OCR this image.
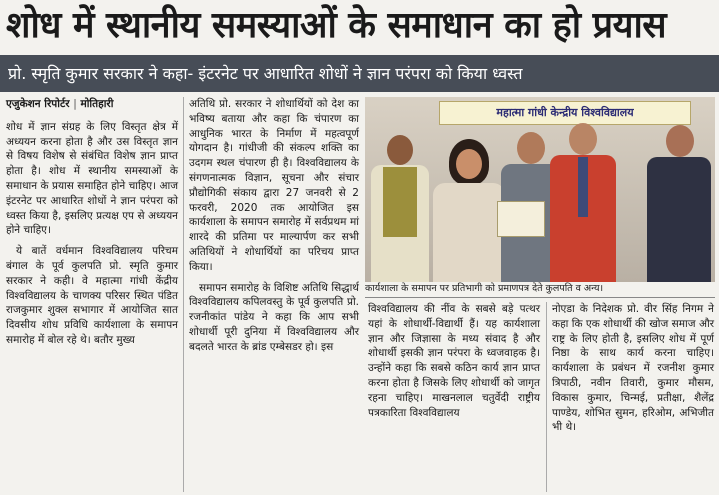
शोध में स्थानीय समस्याओं के समाधान का हो प्रयास
प्रो. स्मृति कुमार सरकार ने कहा- इंटरनेट पर आधारित शोधों ने ज्ञान परंपरा को किया ध्वस्त
एजुकेशन रिपोर्टर | मोतिहारी

शोध में ज्ञान संग्रह के लिए विस्तृत क्षेत्र में अध्ययन करना होता है और उस विस्तृत ज्ञान से विषय विशेष से संबंधित विशेष ज्ञान प्राप्त होता है। शोध में स्थानीय समस्याओं के समाधान के प्रयास समाहित होने चाहिए। आज इंटरनेट पर आधारित शोधों ने ज्ञान परंपरा को ध्वस्त किया है, इसलिए प्रत्यक्ष एप से अध्ययन होने चाहिए।

ये बातें वर्धमान विश्वविद्यालय परिचम बंगाल के पूर्व कुलपति प्रो. स्मृति कुमार सरकार ने कही। वे महात्मा गांधी केंद्रीय विश्वविद्यालय के चाणक्य परिसर स्थित पंडित राजकुमार शुक्ल सभागार में आयोजित सात दिवसीय शोध प्रविधि कार्यशाला के समापन समारोह में बोल रहे थे। बतौर मुख्य

अतिथि प्रो. सरकार ने शोधार्थियों को देश का भविष्य बताया और कहा कि चंपारण का आधुनिक भारत के निर्माण में महत्वपूर्ण योगदान है। गांधीजी की संकल्प शक्ति का उदगम स्थल चंपारण ही है। विश्वविद्यालय के संगणनात्मक विज्ञान, सूचना और संचार प्रौद्योगिकी संकाय द्वारा 27 जनवरी से 2 फरवरी, 2020 तक आयोजित इस कार्यशाला के समापन समारोह में सर्वप्रथम मां शारदे की प्रतिमा पर माल्यार्पण कर सभी अतिथियों ने शोधार्थियों का परिचय प्राप्त किया।

समापन समारोह के विशिष्ट अतिथि सिद्धार्थ विश्वविद्यालय कपिलवस्तु के पूर्व कुलपति प्रो. रजनीकांत पांडेय ने कहा कि आप सभी शोधार्थी पूरी दुनिया में विश्वविद्यालय और बदलते भारत के ब्रांड एम्बेसडर हो। इस

महात्मा गांधी केन्द्रीय विश्वविद्यालय
कार्यशाला के समापन पर प्रतिभागी को प्रमाणपत्र देते कुलपति व अन्य।

विश्वविद्यालय की नींव के सबसे बड़े पत्थर यहां के शोधार्थी-विद्यार्थी हैं। यह कार्यशाला ज्ञान और जिज्ञासा के मध्य संवाद है और शोधार्थी इसकी ज्ञान परंपरा के ध्वजवाहक है। उन्होंने कहा कि सबसे कठिन कार्य ज्ञान प्राप्त करना होता है जिसके लिए शोधार्थी को जागृत रहना चाहिए। माखनलाल चतुर्वेदी राष्ट्रीय पत्रकारिता विश्वविद्यालय

नोएडा के निदेशक प्रो. वीर सिंह निगम ने कहा कि एक शोधार्थी की खोज समाज और राष्ट्र के लिए होती है, इसलिए शोध में पूर्ण निष्ठा के साथ कार्य करना चाहिए। कार्यशाला के प्रबंधन में रजनीश कुमार त्रिपाठी, नवीन तिवारी, कुमार मौसम, विकास कुमार, चिन्मई, प्रतीक्षा, शैलेंद्र पाण्डेय, शोभित सुमन, हरिओम, अभिजीत भी थे।
